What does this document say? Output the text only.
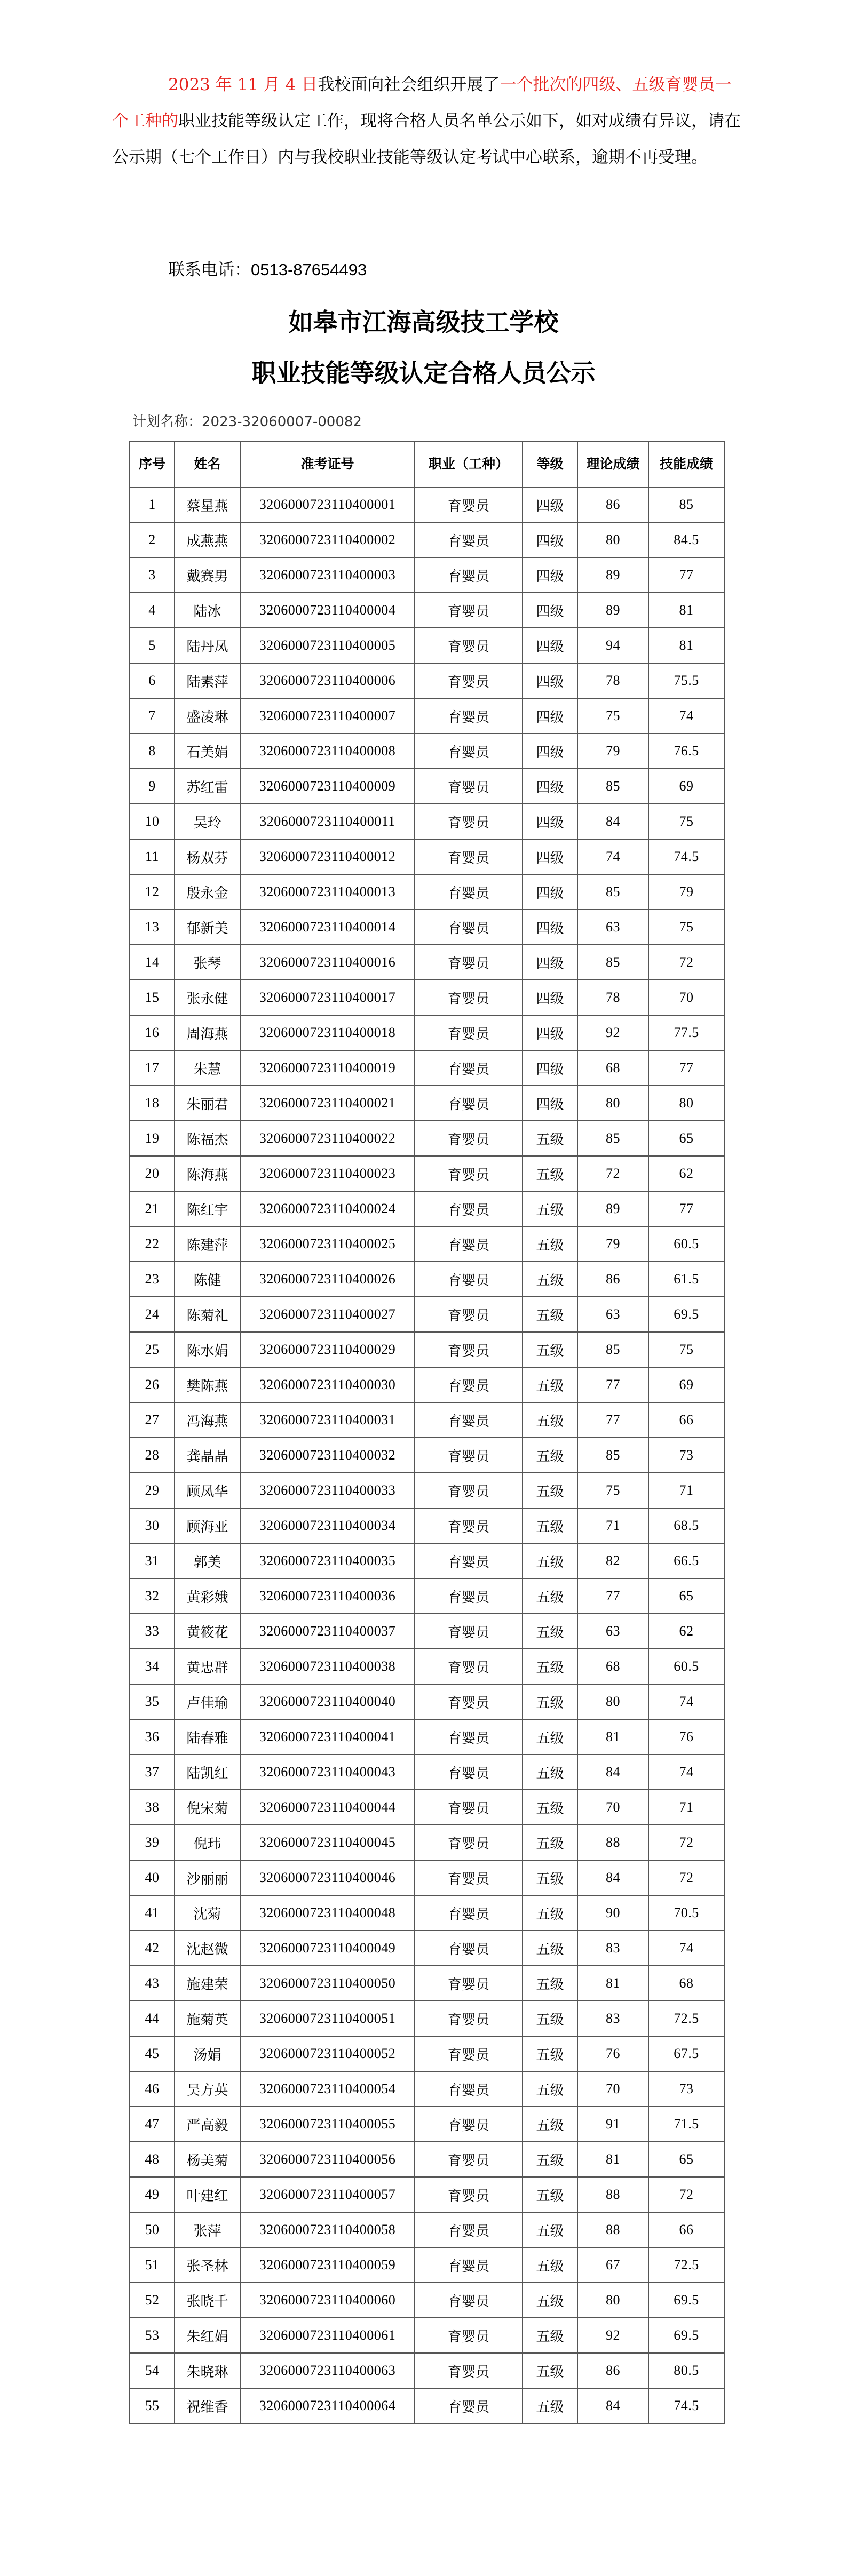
2023 年 11 月 4 日我校面向社会组织开展了一个批次的四级、五级育婴员一个工种的职业技能等级认定工作，现将合格人员名单公示如下，如对成绩有异议，请在公示期（七个工作日）内与我校职业技能等级认定考试中心联系，逾期不再受理。

联系电话：0513-87654493
如皋市江海高级技工学校
职业技能等级认定合格人员公示
计划名称：2023-32060007-00082
序号	姓名	准考证号	职业（工种）	等级	理论成绩	技能成绩
1	蔡星燕	3206000723110400001	育婴员	四级	86	85
2	成燕燕	3206000723110400002	育婴员	四级	80	84.5
3	戴赛男	3206000723110400003	育婴员	四级	89	77
4	陆冰	3206000723110400004	育婴员	四级	89	81
5	陆丹凤	3206000723110400005	育婴员	四级	94	81
6	陆素萍	3206000723110400006	育婴员	四级	78	75.5
7	盛凌琳	3206000723110400007	育婴员	四级	75	74
8	石美娟	3206000723110400008	育婴员	四级	79	76.5
9	苏红雷	3206000723110400009	育婴员	四级	85	69
10	吴玲	3206000723110400011	育婴员	四级	84	75
11	杨双芬	3206000723110400012	育婴员	四级	74	74.5
12	殷永金	3206000723110400013	育婴员	四级	85	79
13	郁新美	3206000723110400014	育婴员	四级	63	75
14	张琴	3206000723110400016	育婴员	四级	85	72
15	张永健	3206000723110400017	育婴员	四级	78	70
16	周海燕	3206000723110400018	育婴员	四级	92	77.5
17	朱慧	3206000723110400019	育婴员	四级	68	77
18	朱丽君	3206000723110400021	育婴员	四级	80	80
19	陈福杰	3206000723110400022	育婴员	五级	85	65
20	陈海燕	3206000723110400023	育婴员	五级	72	62
21	陈红宇	3206000723110400024	育婴员	五级	89	77
22	陈建萍	3206000723110400025	育婴员	五级	79	60.5
23	陈健	3206000723110400026	育婴员	五级	86	61.5
24	陈菊礼	3206000723110400027	育婴员	五级	63	69.5
25	陈水娟	3206000723110400029	育婴员	五级	85	75
26	樊陈燕	3206000723110400030	育婴员	五级	77	69
27	冯海燕	3206000723110400031	育婴员	五级	77	66
28	龚晶晶	3206000723110400032	育婴员	五级	85	73
29	顾凤华	3206000723110400033	育婴员	五级	75	71
30	顾海亚	3206000723110400034	育婴员	五级	71	68.5
31	郭美	3206000723110400035	育婴员	五级	82	66.5
32	黄彩娥	3206000723110400036	育婴员	五级	77	65
33	黄筱花	3206000723110400037	育婴员	五级	63	62
34	黄忠群	3206000723110400038	育婴员	五级	68	60.5
35	卢佳瑜	3206000723110400040	育婴员	五级	80	74
36	陆春雅	3206000723110400041	育婴员	五级	81	76
37	陆凯红	3206000723110400043	育婴员	五级	84	74
38	倪宋菊	3206000723110400044	育婴员	五级	70	71
39	倪玮	3206000723110400045	育婴员	五级	88	72
40	沙丽丽	3206000723110400046	育婴员	五级	84	72
41	沈菊	3206000723110400048	育婴员	五级	90	70.5
42	沈赵微	3206000723110400049	育婴员	五级	83	74
43	施建荣	3206000723110400050	育婴员	五级	81	68
44	施菊英	3206000723110400051	育婴员	五级	83	72.5
45	汤娟	3206000723110400052	育婴员	五级	76	67.5
46	吴方英	3206000723110400054	育婴员	五级	70	73
47	严高毅	3206000723110400055	育婴员	五级	91	71.5
48	杨美菊	3206000723110400056	育婴员	五级	81	65
49	叶建红	3206000723110400057	育婴员	五级	88	72
50	张萍	3206000723110400058	育婴员	五级	88	66
51	张圣林	3206000723110400059	育婴员	五级	67	72.5
52	张晓千	3206000723110400060	育婴员	五级	80	69.5
53	朱红娟	3206000723110400061	育婴员	五级	92	69.5
54	朱晓琳	3206000723110400063	育婴员	五级	86	80.5
55	祝维香	3206000723110400064	育婴员	五级	84	74.5
